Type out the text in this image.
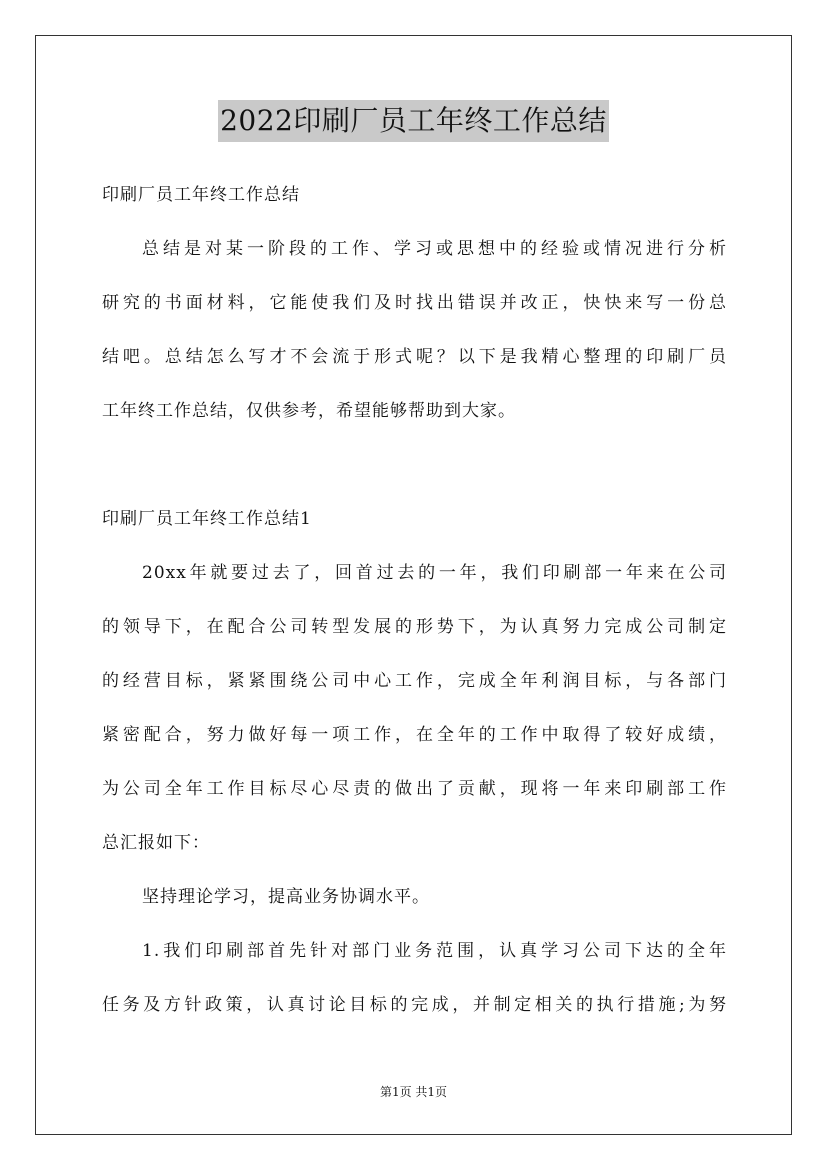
2022印刷厂员工年终工作总结
印刷厂员工年终工作总结
总结是对某一阶段的工作、学习或思想中的经验或情况进行分析
研究的书面材料，它能使我们及时找出错误并改正，快快来写一份总
结吧。总结怎么写才不会流于形式呢？以下是我精心整理的印刷厂员
工年终工作总结，仅供参考，希望能够帮助到大家。
印刷厂员工年终工作总结1
20xx年就要过去了，回首过去的一年，我们印刷部一年来在公司
的领导下，在配合公司转型发展的形势下，为认真努力完成公司制定
的经营目标，紧紧围绕公司中心工作，完成全年利润目标，与各部门
紧密配合，努力做好每一项工作，在全年的工作中取得了较好成绩，
为公司全年工作目标尽心尽责的做出了贡献，现将一年来印刷部工作
总汇报如下：
坚持理论学习，提高业务协调水平。
1.我们印刷部首先针对部门业务范围，认真学习公司下达的全年
任务及方针政策，认真讨论目标的完成，并制定相关的执行措施;为努
第1页 共1页
